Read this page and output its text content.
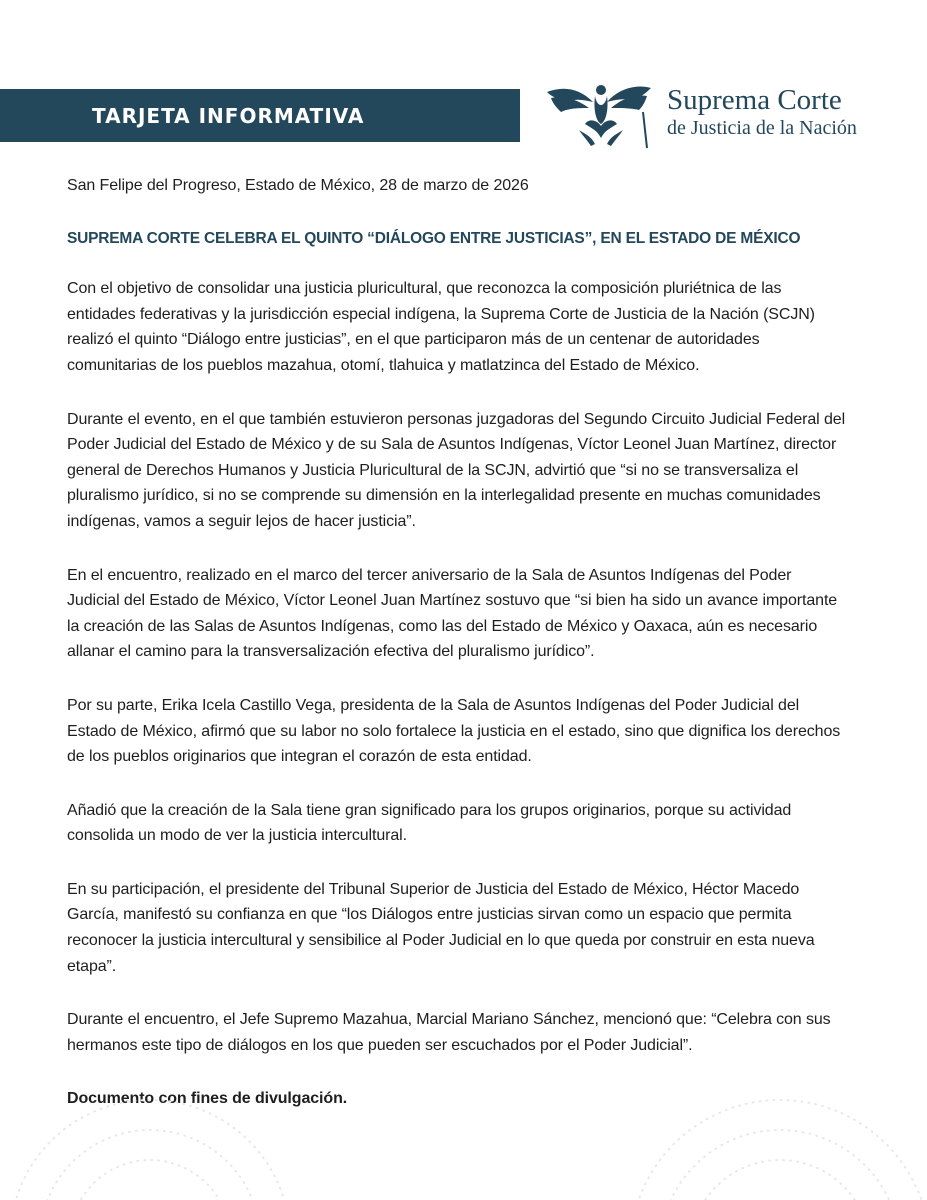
TARJETA INFORMATIVA	Suprema Corte
de Justicia de la Nación

San Felipe del Progreso, Estado de México, 28 de marzo de 2026

SUPREMA CORTE CELEBRA EL QUINTO “DIÁLOGO ENTRE JUSTICIAS”, EN EL ESTADO DE MÉXICO

Con el objetivo de consolidar una justicia pluricultural, que reconozca la composición pluriétnica de las entidades federativas y la jurisdicción especial indígena, la Suprema Corte de Justicia de la Nación (SCJN) realizó el quinto “Diálogo entre justicias”, en el que participaron más de un centenar de autoridades comunitarias de los pueblos mazahua, otomí, tlahuica y matlatzinca del Estado de México.

Durante el evento, en el que también estuvieron personas juzgadoras del Segundo Circuito Judicial Federal del Poder Judicial del Estado de México y de su Sala de Asuntos Indígenas, Víctor Leonel Juan Martínez, director general de Derechos Humanos y Justicia Pluricultural de la SCJN, advirtió que “si no se transversaliza el pluralismo jurídico, si no se comprende su dimensión en la interlegalidad presente en muchas comunidades indígenas, vamos a seguir lejos de hacer justicia”.

En el encuentro, realizado en el marco del tercer aniversario de la Sala de Asuntos Indígenas del Poder Judicial del Estado de México, Víctor Leonel Juan Martínez sostuvo que “si bien ha sido un avance importante la creación de las Salas de Asuntos Indígenas, como las del Estado de México y Oaxaca, aún es necesario allanar el camino para la transversalización efectiva del pluralismo jurídico”.

Por su parte, Erika Icela Castillo Vega, presidenta de la Sala de Asuntos Indígenas del Poder Judicial del Estado de México, afirmó que su labor no solo fortalece la justicia en el estado, sino que dignifica los derechos de los pueblos originarios que integran el corazón de esta entidad.

Añadió que la creación de la Sala tiene gran significado para los grupos originarios, porque su actividad consolida un modo de ver la justicia intercultural.

En su participación, el presidente del Tribunal Superior de Justicia del Estado de México, Héctor Macedo García, manifestó su confianza en que “los Diálogos entre justicias sirvan como un espacio que permita reconocer la justicia intercultural y sensibilice al Poder Judicial en lo que queda por construir en esta nueva etapa”.

Durante el encuentro, el Jefe Supremo Mazahua, Marcial Mariano Sánchez, mencionó que: “Celebra con sus hermanos este tipo de diálogos en los que pueden ser escuchados por el Poder Judicial”.

Documento con fines de divulgación.
